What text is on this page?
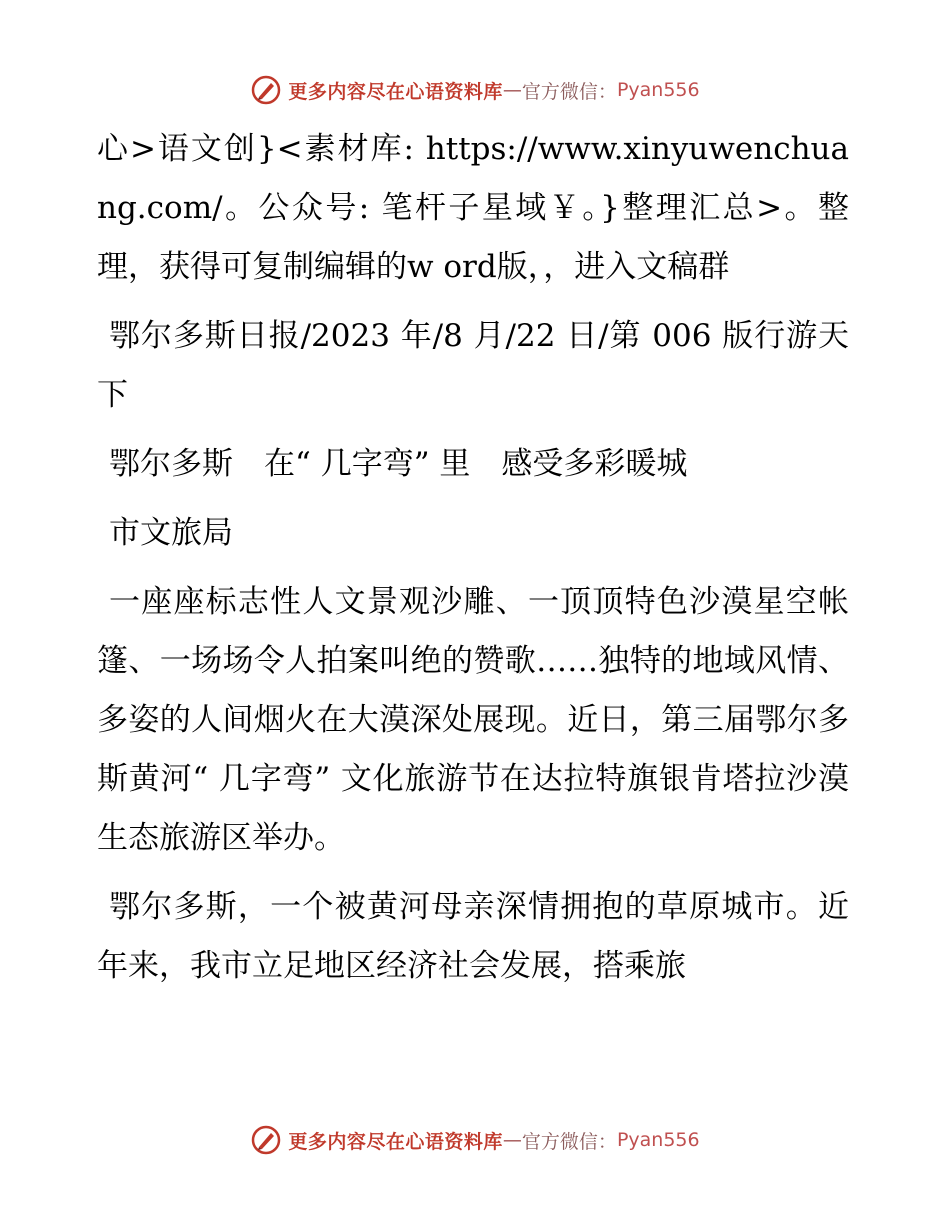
更多内容尽在心语资料库 — 官方微信： Pyan556

心>语文创}<素材库: https://www.xinyuwenchuang.com/。公众号: 笔杆子星域￥。}整理汇总>。整理，获得可复制编辑的w ord版，，进入文稿群

鄂尔多斯日报/2023 年/8 月/22 日/第 006 版行游天下

鄂尔多斯　在“ 几字弯” 里　感受多彩暖城

市文旅局

一座座标志性人文景观沙雕、一顶顶特色沙漠星空帐篷、一场场令人拍案叫绝的赞歌……独特的地域风情、多姿的人间烟火在大漠深处展现。近日，第三届鄂尔多斯黄河“ 几字弯” 文化旅游节在达拉特旗银肯塔拉沙漠生态旅游区举办。

鄂尔多斯，一个被黄河母亲深情拥抱的草原城市。近年来，我市立足地区经济社会发展，搭乘旅

更多内容尽在心语资料库 — 官方微信： Pyan556
